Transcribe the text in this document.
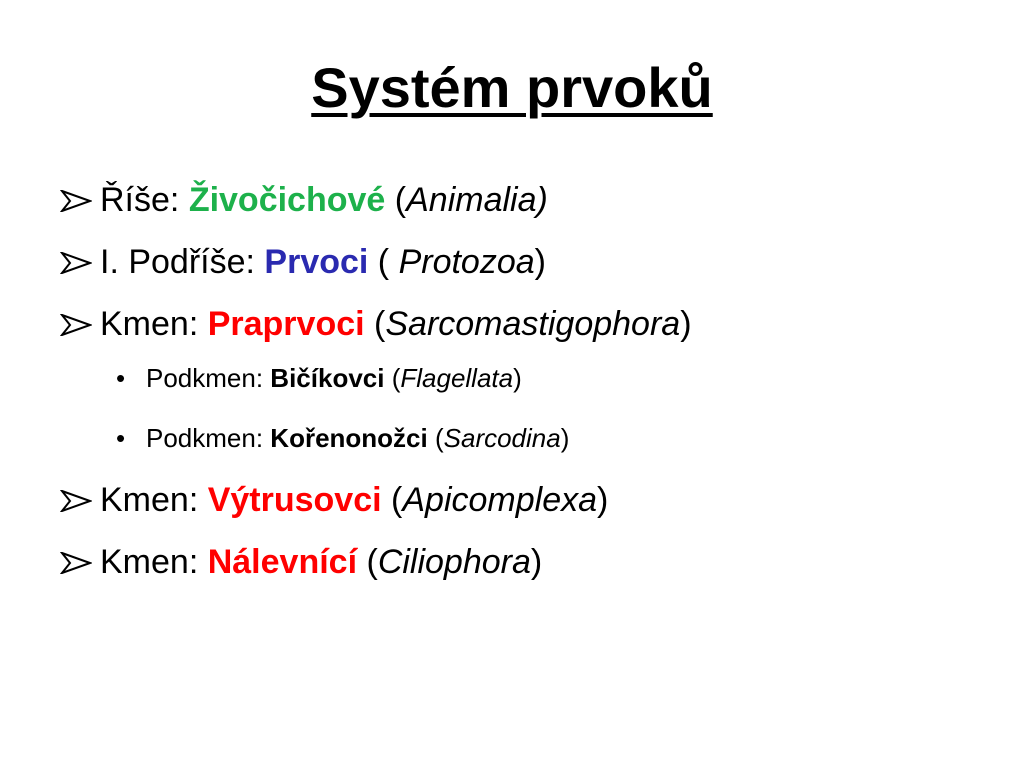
Systém prvoků
Říše: Živočichové (Animalia)
I. Podříše: Prvoci ( Protozoa)
Kmen: Praprvoci (Sarcomastigophora)
• Podkmen: Bičíkovci (Flagellata)
• Podkmen: Kořenonožci (Sarcodina)
Kmen: Výtrusovci (Apicomplexa)
Kmen: Nálevnící (Ciliophora)
